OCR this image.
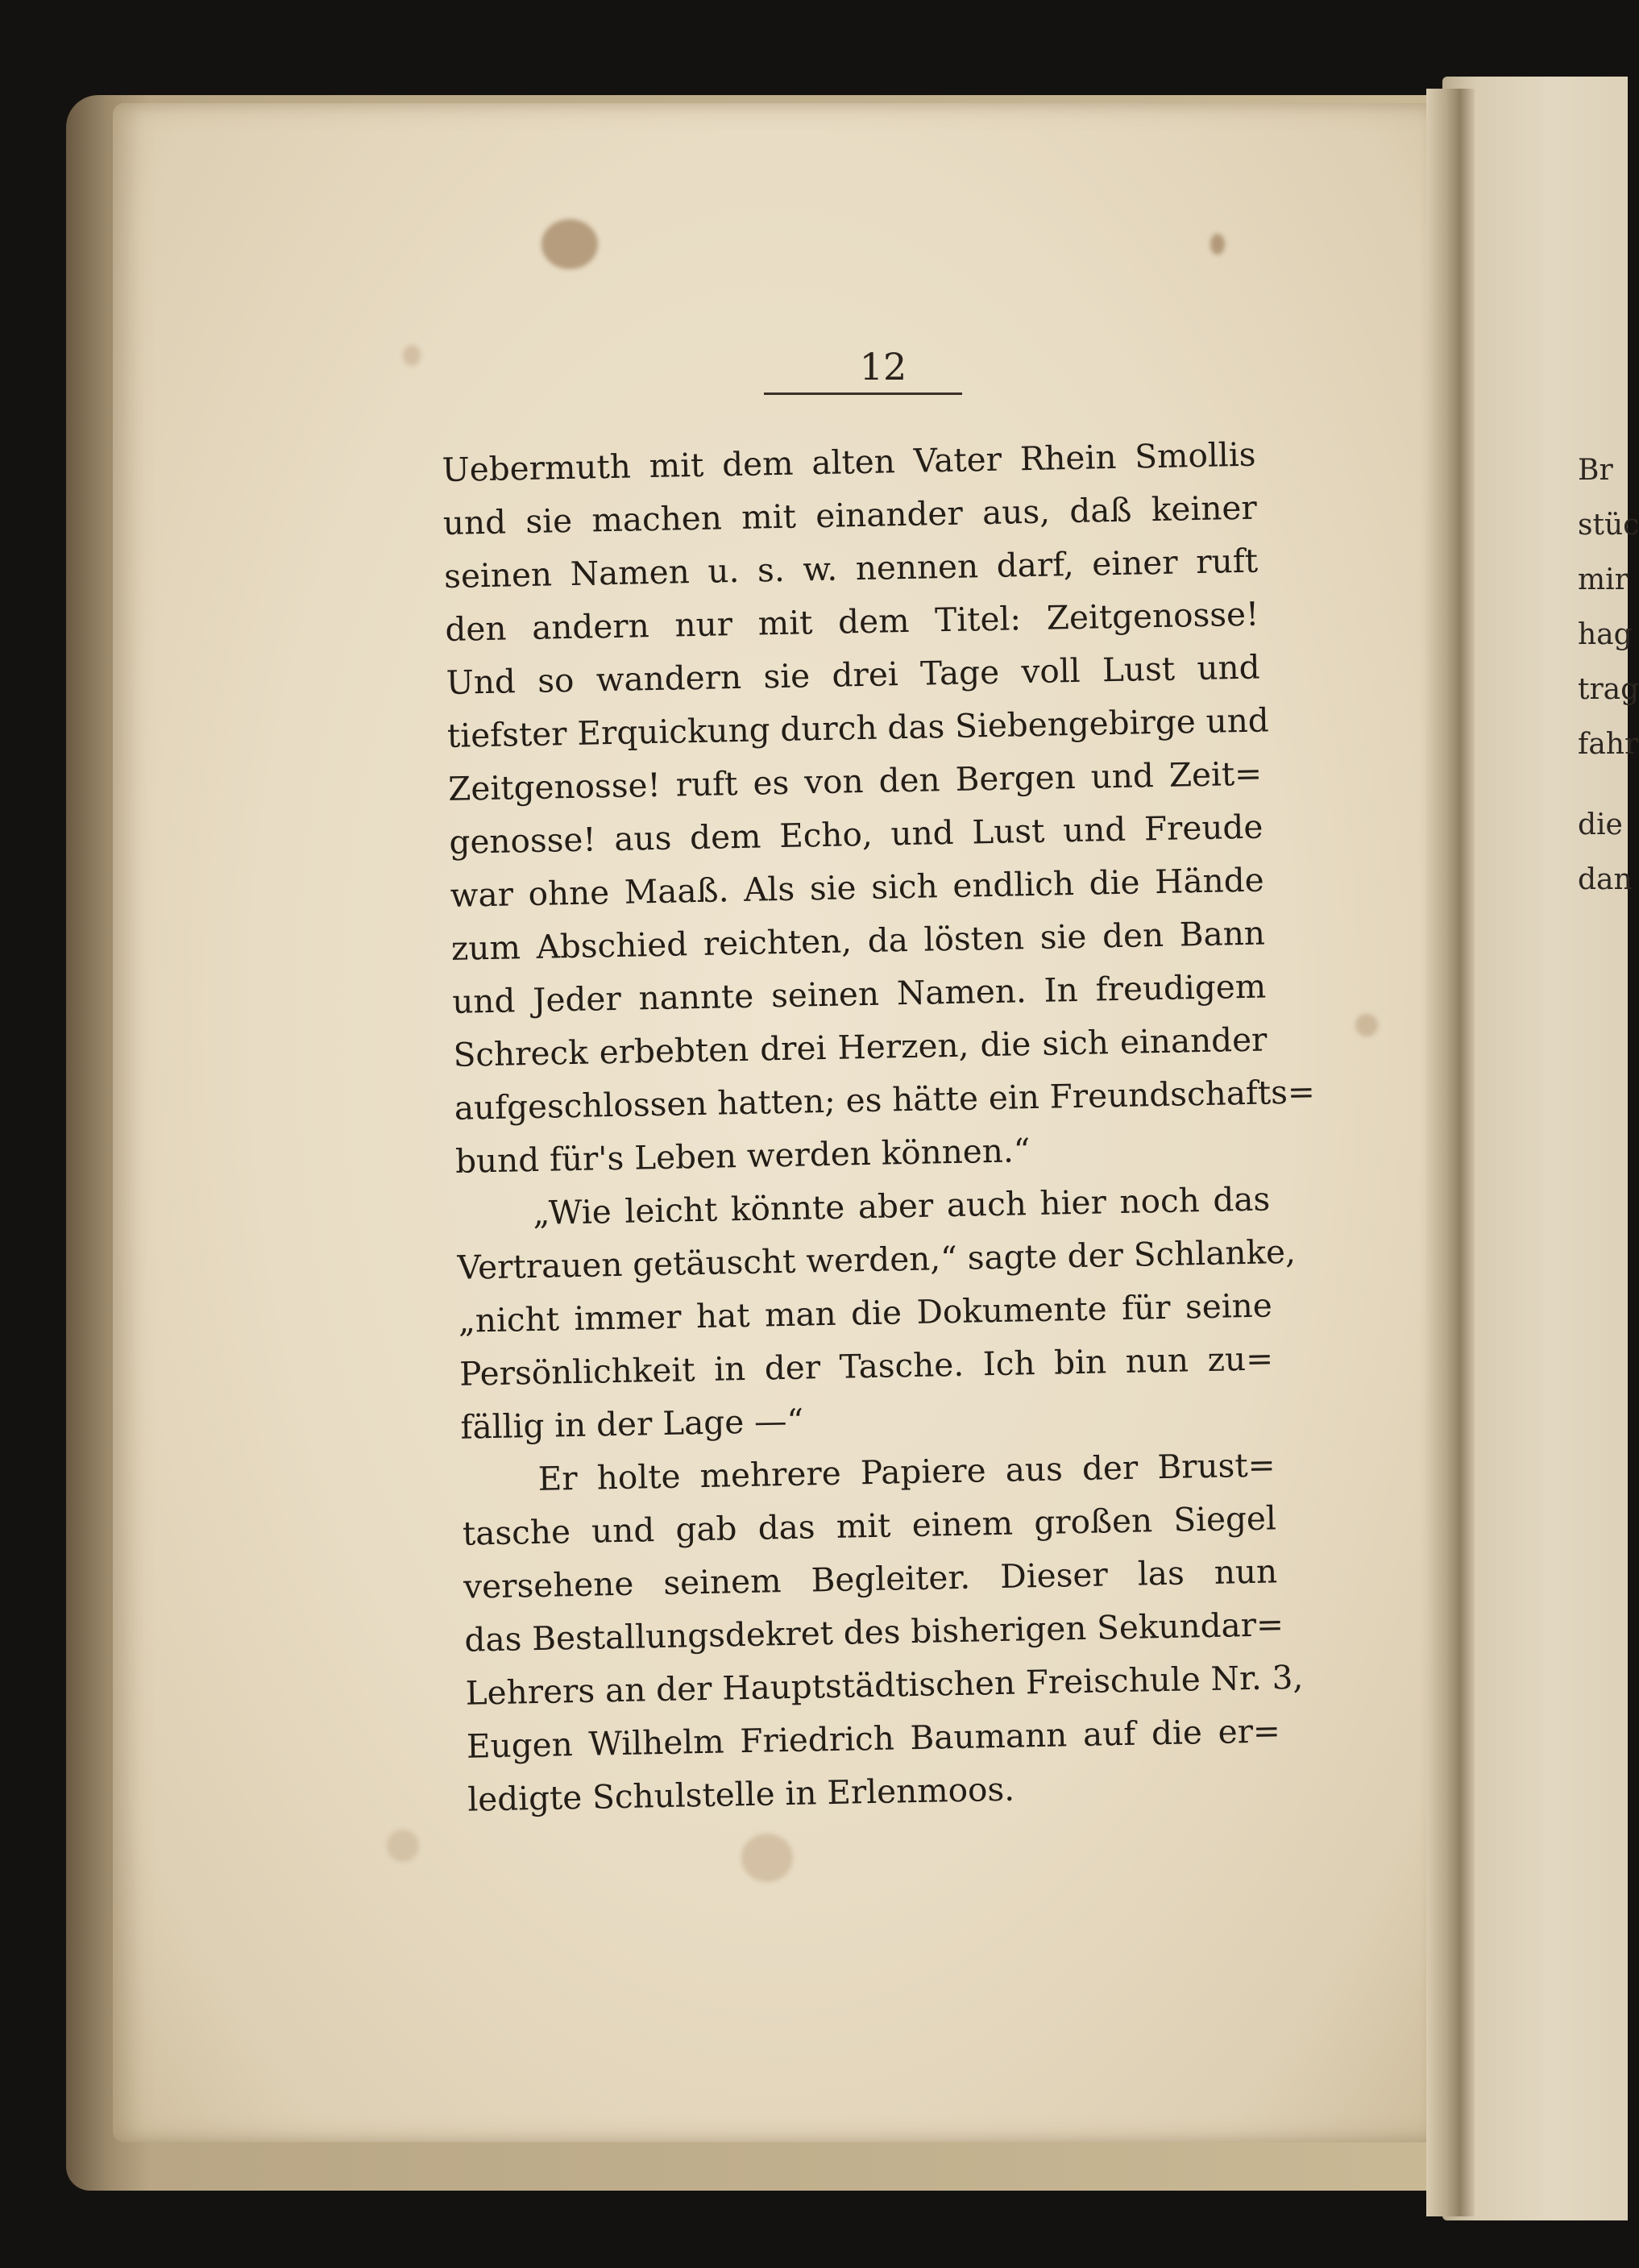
Br
stüc
mir
hag
trag
fahr
die
dan
12
Uebermuth mit dem alten Vater Rhein Smollis
und sie machen mit einander aus, daß keiner
seinen Namen u. s. w. nennen darf, einer ruft
den andern nur mit dem Titel: Zeitgenosse!
Und so wandern sie drei Tage voll Lust und
tiefster Erquickung durch das Siebengebirge und
Zeitgenosse! ruft es von den Bergen und Zeit=
genosse! aus dem Echo, und Lust und Freude
war ohne Maaß. Als sie sich endlich die Hände
zum Abschied reichten, da lösten sie den Bann
und Jeder nannte seinen Namen. In freudigem
Schreck erbebten drei Herzen, die sich einander
aufgeschlossen hatten; es hätte ein Freundschafts=
bund für's Leben werden können.“
„Wie leicht könnte aber auch hier noch das
Vertrauen getäuscht werden,“ sagte der Schlanke,
„nicht immer hat man die Dokumente für seine
Persönlichkeit in der Tasche. Ich bin nun zu=
fällig in der Lage —“
Er holte mehrere Papiere aus der Brust=
tasche und gab das mit einem großen Siegel
versehene seinem Begleiter. Dieser las nun
das Bestallungsdekret des bisherigen Sekundar=
Lehrers an der Hauptstädtischen Freischule Nr. 3,
Eugen Wilhelm Friedrich Baumann auf die er=
ledigte Schulstelle in Erlenmoos.
